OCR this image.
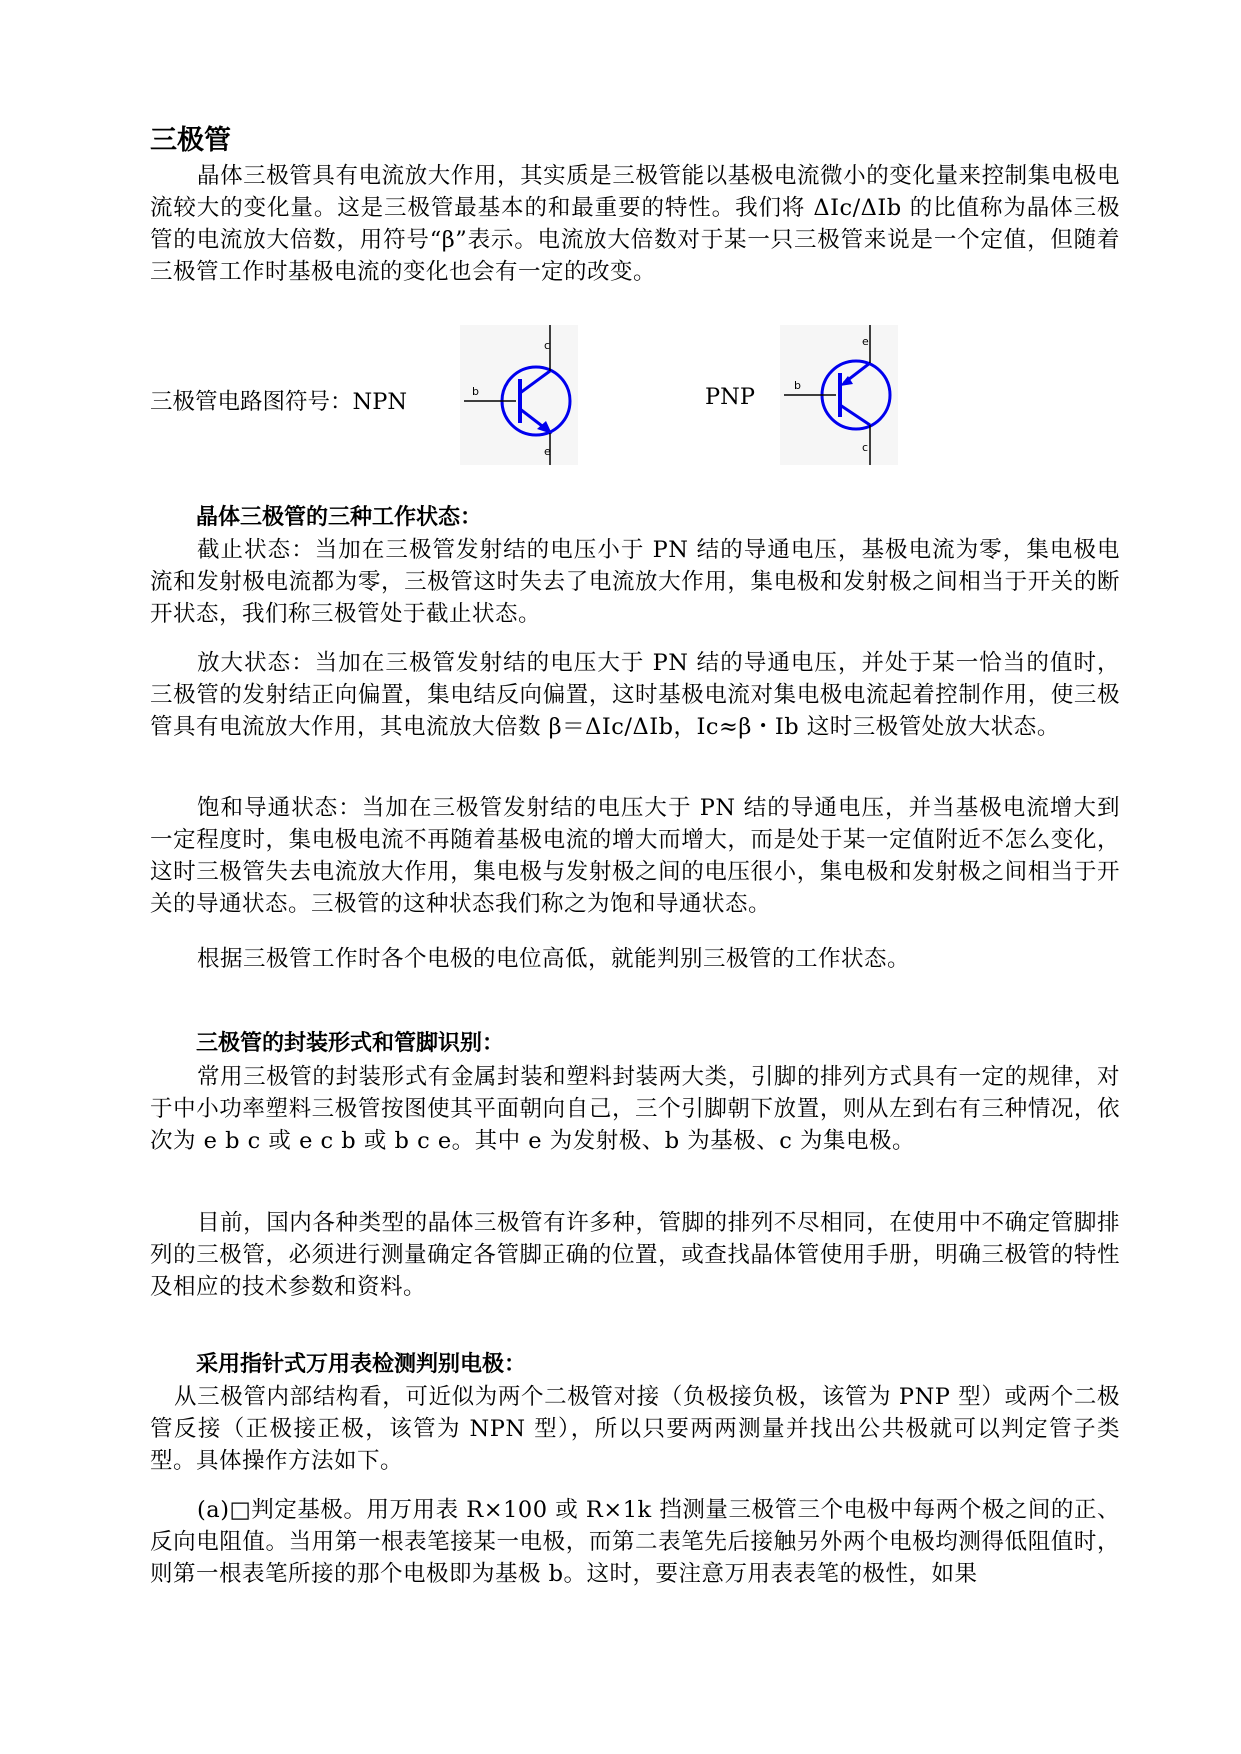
三极管

晶体三极管具有电流放大作用，其实质是三极管能以基极电流微小的变化量来控制集电极电流较大的变化量。这是三极管最基本的和最重要的特性。我们将 ΔIc/ΔIb 的比值称为晶体三极管的电流放大倍数，用符号“β”表示。电流放大倍数对于某一只三极管来说是一个定值，但随着三极管工作时基极电流的变化也会有一定的改变。

三极管电路图符号：NPN	b
c
e
PNP	b
e
c
晶体三极管的三种工作状态：

截止状态：当加在三极管发射结的电压小于 PN 结的导通电压，基极电流为零，集电极电流和发射极电流都为零，三极管这时失去了电流放大作用，集电极和发射极之间相当于开关的断开状态，我们称三极管处于截止状态。

放大状态：当加在三极管发射结的电压大于 PN 结的导通电压，并处于某一恰当的值时，三极管的发射结正向偏置，集电结反向偏置，这时基极电流对集电极电流起着控制作用，使三极管具有电流放大作用，其电流放大倍数 β＝ΔIc/ΔIb，Ic≈β・Ib 这时三极管处放大状态。

饱和导通状态：当加在三极管发射结的电压大于 PN 结的导通电压，并当基极电流增大到一定程度时，集电极电流不再随着基极电流的增大而增大，而是处于某一定值附近不怎么变化，这时三极管失去电流放大作用，集电极与发射极之间的电压很小，集电极和发射极之间相当于开关的导通状态。三极管的这种状态我们称之为饱和导通状态。

根据三极管工作时各个电极的电位高低，就能判别三极管的工作状态。

三极管的封装形式和管脚识别：

常用三极管的封装形式有金属封装和塑料封装两大类，引脚的排列方式具有一定的规律，对于中小功率塑料三极管按图使其平面朝向自己，三个引脚朝下放置，则从左到右有三种情况，依次为 e b c 或 e c b 或 b c e。其中 e 为发射极、b 为基极、c 为集电极。

目前，国内各种类型的晶体三极管有许多种，管脚的排列不尽相同，在使用中不确定管脚排列的三极管，必须进行测量确定各管脚正确的位置，或查找晶体管使用手册，明确三极管的特性及相应的技术参数和资料。

采用指针式万用表检测判别电极：

从三极管内部结构看，可近似为两个二极管对接（负极接负极，该管为 PNP 型）或两个二极管反接（正极接正极，该管为 NPN 型），所以只要两两测量并找出公共极就可以判定管子类型。具体操作方法如下。

(a)□判定基极。用万用表 R×100 或 R×1k 挡测量三极管三个电极中每两个极之间的正、反向电阻值。当用第一根表笔接某一电极，而第二表笔先后接触另外两个电极均测得低阻值时，则第一根表笔所接的那个电极即为基极 b。这时，要注意万用表表笔的极性，如果
